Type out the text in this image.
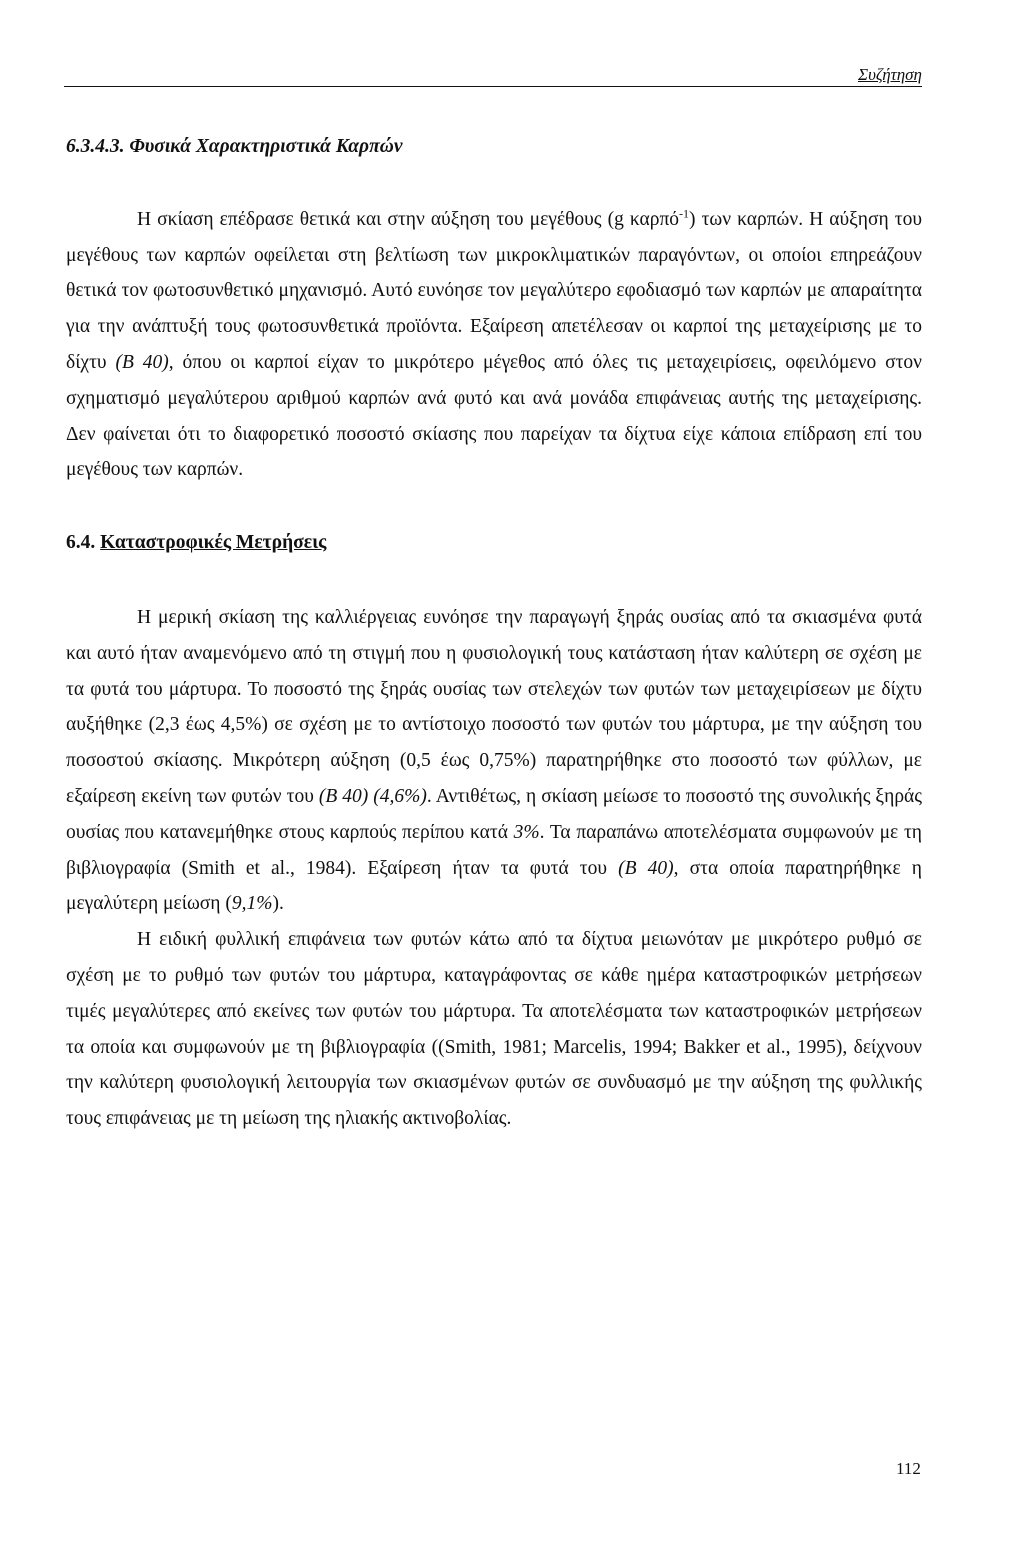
Συζήτηση
6.3.4.3. Φυσικά Χαρακτηριστικά Καρπών

Η σκίαση επέδρασε θετικά και στην αύξηση του μεγέθους (g καρπό$^{-1}$) των καρπών. Η αύξηση του μεγέθους των καρπών οφείλεται στη βελτίωση των μικροκλιματικών παραγόντων, οι οποίοι επηρεάζουν θετικά τον φωτοσυνθετικό μηχανισμό. Αυτό ευνόησε τον μεγαλύτερο εφοδιασμό των καρπών με απαραίτητα για την ανάπτυξή τους φωτοσυνθετικά προϊόντα. Εξαίρεση απετέλεσαν οι καρποί της μεταχείρισης με το δίχτυ (Β 40), όπου οι καρποί είχαν το μικρότερο μέγεθος από όλες τις μεταχειρίσεις, οφειλόμενο στον σχηματισμό μεγαλύτερου αριθμού καρπών ανά φυτό και ανά μονάδα επιφάνειας αυτής της μεταχείρισης. Δεν φαίνεται ότι το διαφορετικό ποσοστό σκίασης που παρείχαν τα δίχτυα είχε κάποια επίδραση επί του μεγέθους των καρπών.

6.4. Καταστροφικές Μετρήσεις

Η μερική σκίαση της καλλιέργειας ευνόησε την παραγωγή ξηράς ουσίας από τα σκιασμένα φυτά και αυτό ήταν αναμενόμενο από τη στιγμή που η φυσιολογική τους κατάσταση ήταν καλύτερη σε σχέση με τα φυτά του μάρτυρα. Το ποσοστό της ξηράς ουσίας των στελεχών των φυτών των μεταχειρίσεων με δίχτυ αυξήθηκε (2,3 έως 4,5%) σε σχέση με το αντίστοιχο ποσοστό των φυτών του μάρτυρα, με την αύξηση του ποσοστού σκίασης. Μικρότερη αύξηση (0,5 έως 0,75%) παρατηρήθηκε στο ποσοστό των φύλλων, με εξαίρεση εκείνη των φυτών του (Β 40) (4,6%). Αντιθέτως, η σκίαση μείωσε το ποσοστό της συνολικής ξηράς ουσίας που κατανεμήθηκε στους καρπούς περίπου κατά 3%. Τα παραπάνω αποτελέσματα συμφωνούν με τη βιβλιογραφία (Smith et al., 1984). Εξαίρεση ήταν τα φυτά του (Β 40), στα οποία παρατηρήθηκε η μεγαλύτερη μείωση (9,1%).

Η ειδική φυλλική επιφάνεια των φυτών κάτω από τα δίχτυα μειωνόταν με μικρότερο ρυθμό σε σχέση με το ρυθμό των φυτών του μάρτυρα, καταγράφοντας σε κάθε ημέρα καταστροφικών μετρήσεων τιμές μεγαλύτερες από εκείνες των φυτών του μάρτυρα. Τα αποτελέσματα των καταστροφικών μετρήσεων τα οποία και συμφωνούν με τη βιβλιογραφία ((Smith, 1981; Marcelis, 1994; Bakker et al., 1995), δείχνουν την καλύτερη φυσιολογική λειτουργία των σκιασμένων φυτών σε συνδυασμό με την αύξηση της φυλλικής τους επιφάνειας με τη μείωση της ηλιακής ακτινοβολίας.

112
